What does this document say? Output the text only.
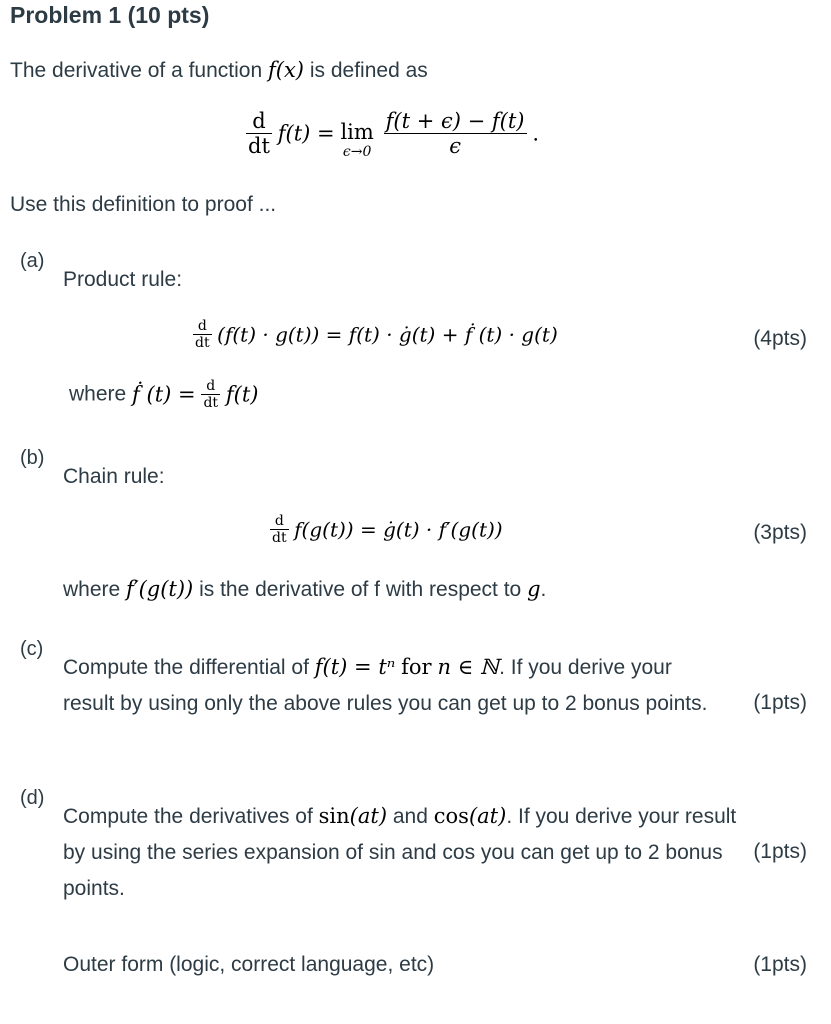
Problem 1 (10 pts)
The derivative of a function f(x) is defined as
$\frac{d}{dt} f(t) = \lim$
ϵ→0
$\frac{f(t + \epsilon) - f(t)}{\epsilon}$ .
Use this definition to proof ...
(a)
Product rule:
$\frac{d}{dt} (f(t) \cdot g(t)) = f(t)$ · ġ(t) + ḟ (t) · g(t)	(4pts)
where ḟ $(t) = \frac{d}{dt} f(t)$
(b)
Chain rule:
$\frac{d}{dt} f(g(t))$ = ġ(t) · f′(g(t))	(3pts)
where f′(g(t)) is the derivative of f with respect to g.
(c)
Compute the differential of f(t) = tⁿ for n ∈ ℕ. If you derive your result by using only the above rules you can get up to 2 bonus points.	(1pts)
(d)
Compute the derivatives of sin(at) and cos(at). If you derive your result by using the series expansion of sin and cos you can get up to 2 bonus points.
(1pts)
Outer form (logic, correct language, etc)	(1pts)
